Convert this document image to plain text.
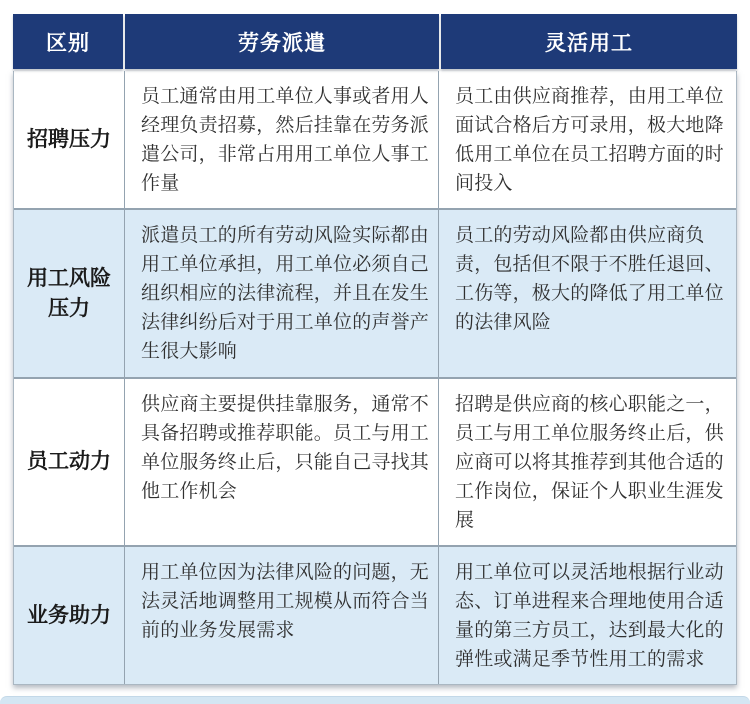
区别	劳务派遣	灵活用工
招聘压力
员工通常由用工单位人事或者用人经理负责招募，然后挂靠在劳务派遣公司，非常占用用工单位人事工作量
员工由供应商推荐，由用工单位面试合格后方可录用，极大地降低用工单位在员工招聘方面的时间投入
用工风险压力
派遣员工的所有劳动风险实际都由用工单位承担，用工单位必须自己组织相应的法律流程，并且在发生法律纠纷后对于用工单位的声誉产生很大影响
员工的劳动风险都由供应商负责，包括但不限于不胜任退回、工伤等，极大的降低了用工单位的法律风险
员工动力
供应商主要提供挂靠服务，通常不具备招聘或推荐职能。员工与用工单位服务终止后，只能自己寻找其他工作机会
招聘是供应商的核心职能之一，员工与用工单位服务终止后，供应商可以将其推荐到其他合适的工作岗位，保证个人职业生涯发展
业务助力
用工单位因为法律风险的问题，无法灵活地调整用工规模从而符合当前的业务发展需求
用工单位可以灵活地根据行业动态、订单进程来合理地使用合适量的第三方员工，达到最大化的弹性或满足季节性用工的需求
